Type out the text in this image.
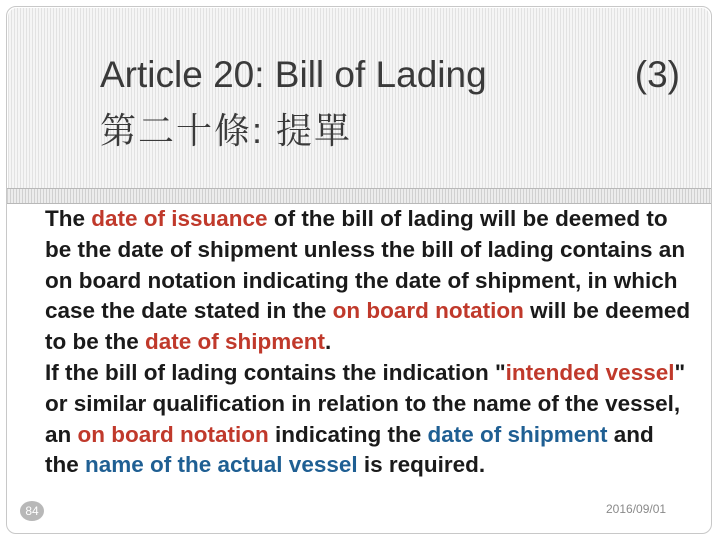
Article 20: Bill of Lading	(3)
第二十條: 提單

The date of issuance of the bill of lading will be deemed to be the date of shipment unless the bill of lading contains an on board notation indicating the date of shipment, in which case the date stated in the on board notation will be deemed to be the date of shipment.

If the bill of lading contains the indication "intended vessel" or similar qualification in relation to the name of the vessel, an on board notation indicating the date of shipment and the name of the actual vessel is required.

84	2016/09/01
